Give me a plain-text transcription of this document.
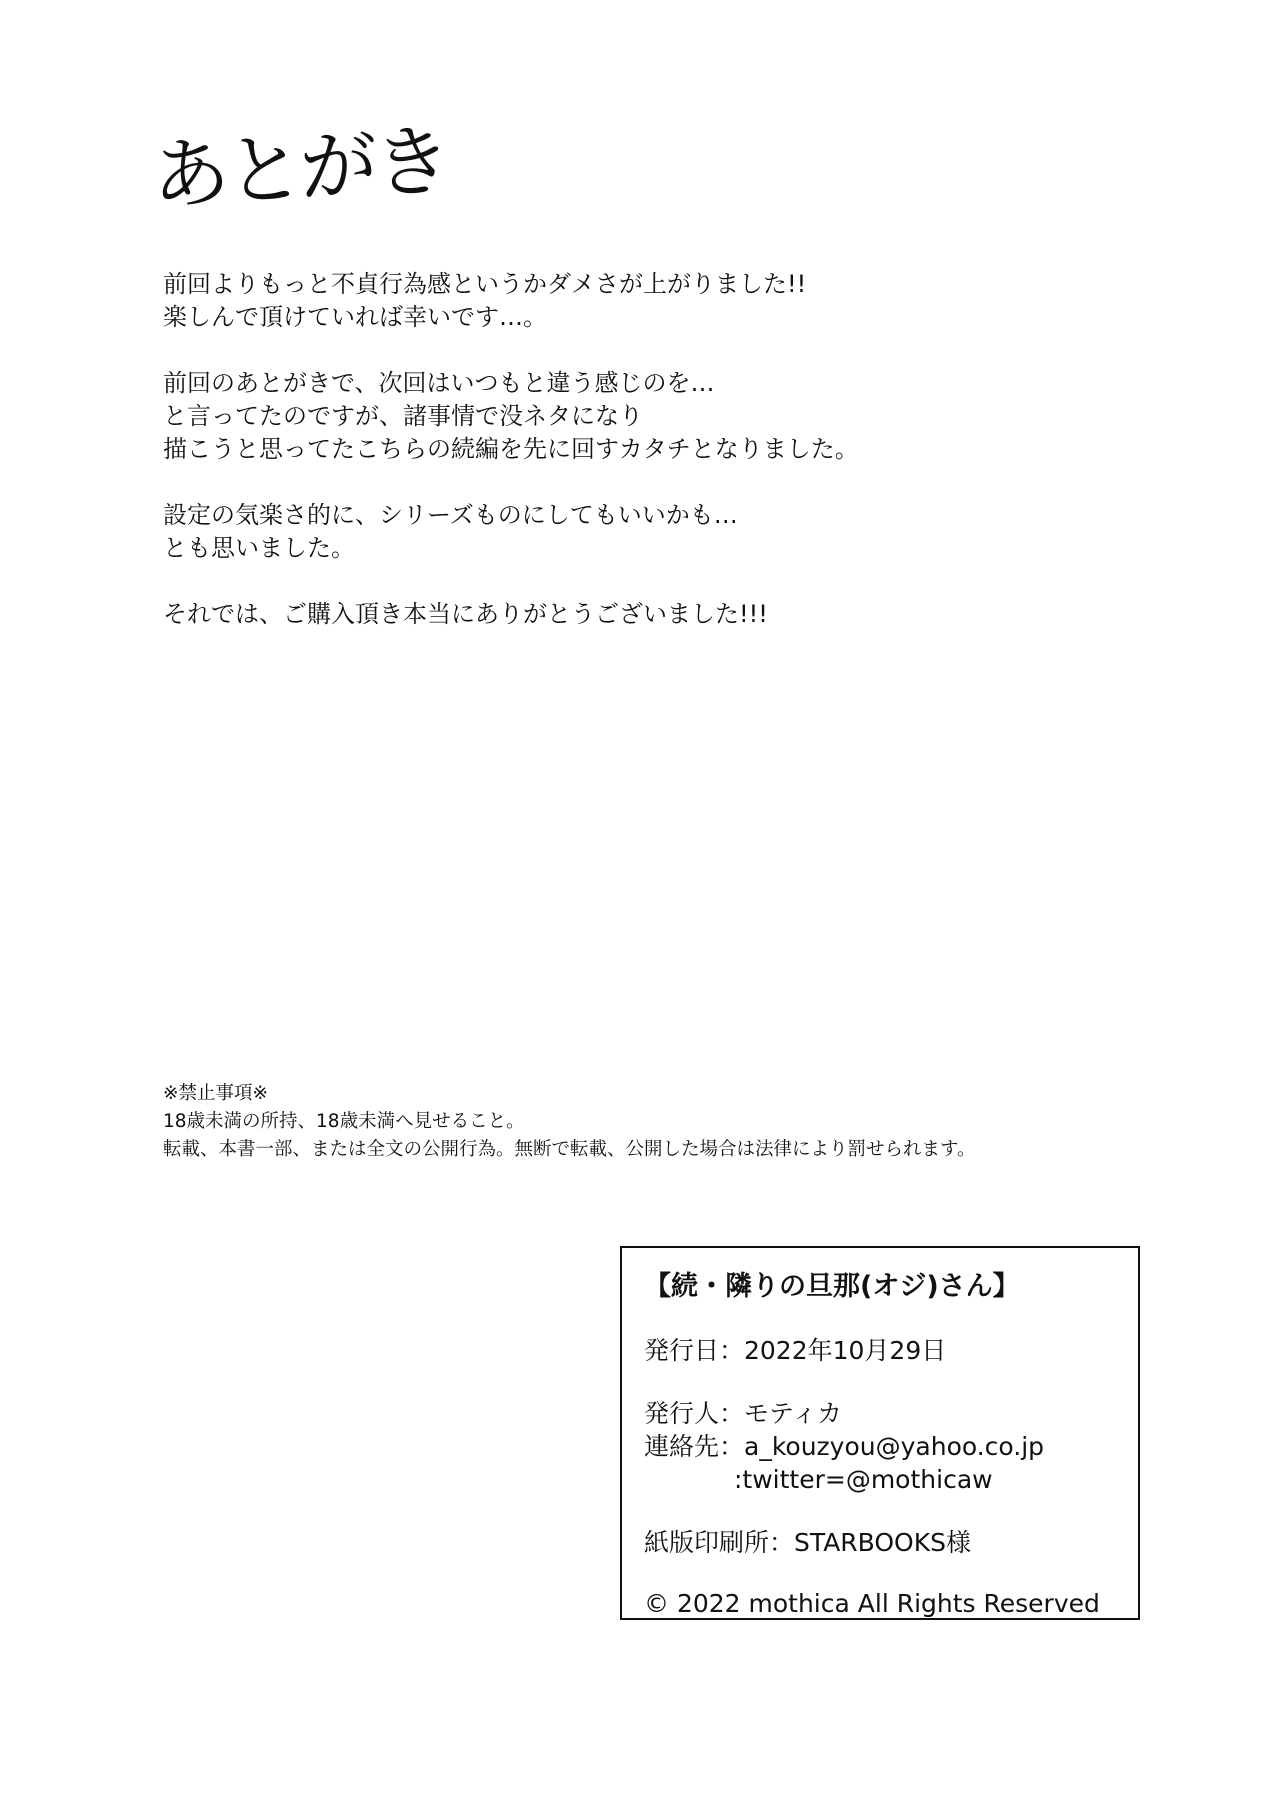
あとがき

前回よりもっと不貞行為感というかダメさが上がりました!!
楽しんで頂けていれば幸いです…。

前回のあとがきで、次回はいつもと違う感じのを…
と言ってたのですが、諸事情で没ネタになり
描こうと思ってたこちらの続編を先に回すカタチとなりました。

設定の気楽さ的に、シリーズものにしてもいいかも…
とも思いました。

それでは、ご購入頂き本当にありがとうございました!!!

※禁止事項※
18歳未満の所持、18歳未満へ見せること。
転載、本書一部、または全文の公開行為。無断で転載、公開した場合は法律により罰せられます。
【続・隣りの旦那(オジ)さん】
発行日：2022年10月29日
発行人：モティカ
連絡先：a_kouzyou@yahoo.co.jp
:twitter=@mothicaw
紙版印刷所：STARBOOKS様
© 2022 mothica All Rights Reserved
